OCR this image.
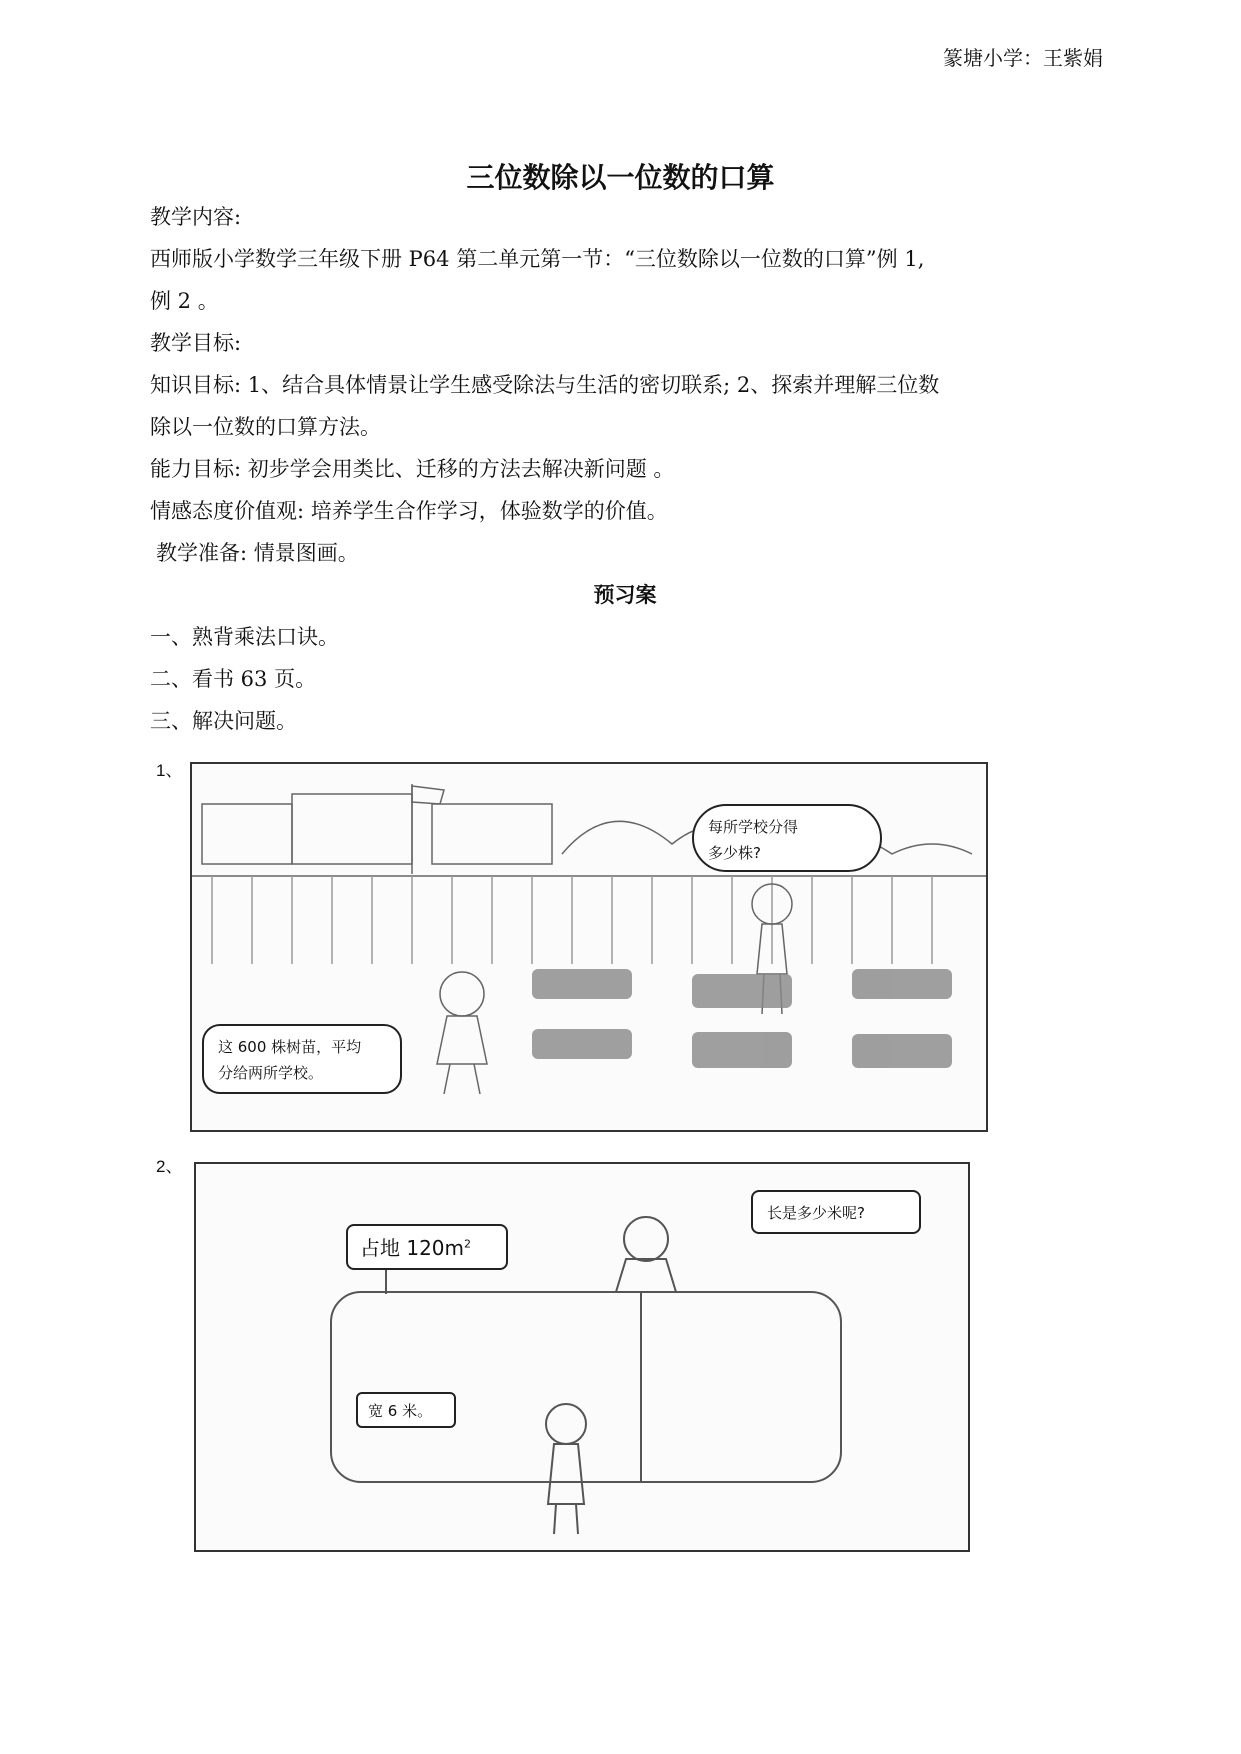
篆塘小学：王紫娟
三位数除以一位数的口算
教学内容:
西师版小学数学三年级下册 P64 第二单元第一节：“三位数除以一位数的口算”例 1,
例 2 。
教学目标:
知识目标: 1、结合具体情景让学生感受除法与生活的密切联系; 2、探索并理解三位数
除以一位数的口算方法。
能力目标: 初步学会用类比、迁移的方法去解决新问题 。
情感态度价值观: 培养学生合作学习，体验数学的价值。
教学准备: 情景图画。
预习案
一、熟背乘法口诀。
二、看书 63 页。
三、解决问题。
1、
每所学校分得
多少株?
这 600 株树苗，平均
分给两所学校。
2、
占地 $120m^2$
长是多少米呢?
宽 6 米。
